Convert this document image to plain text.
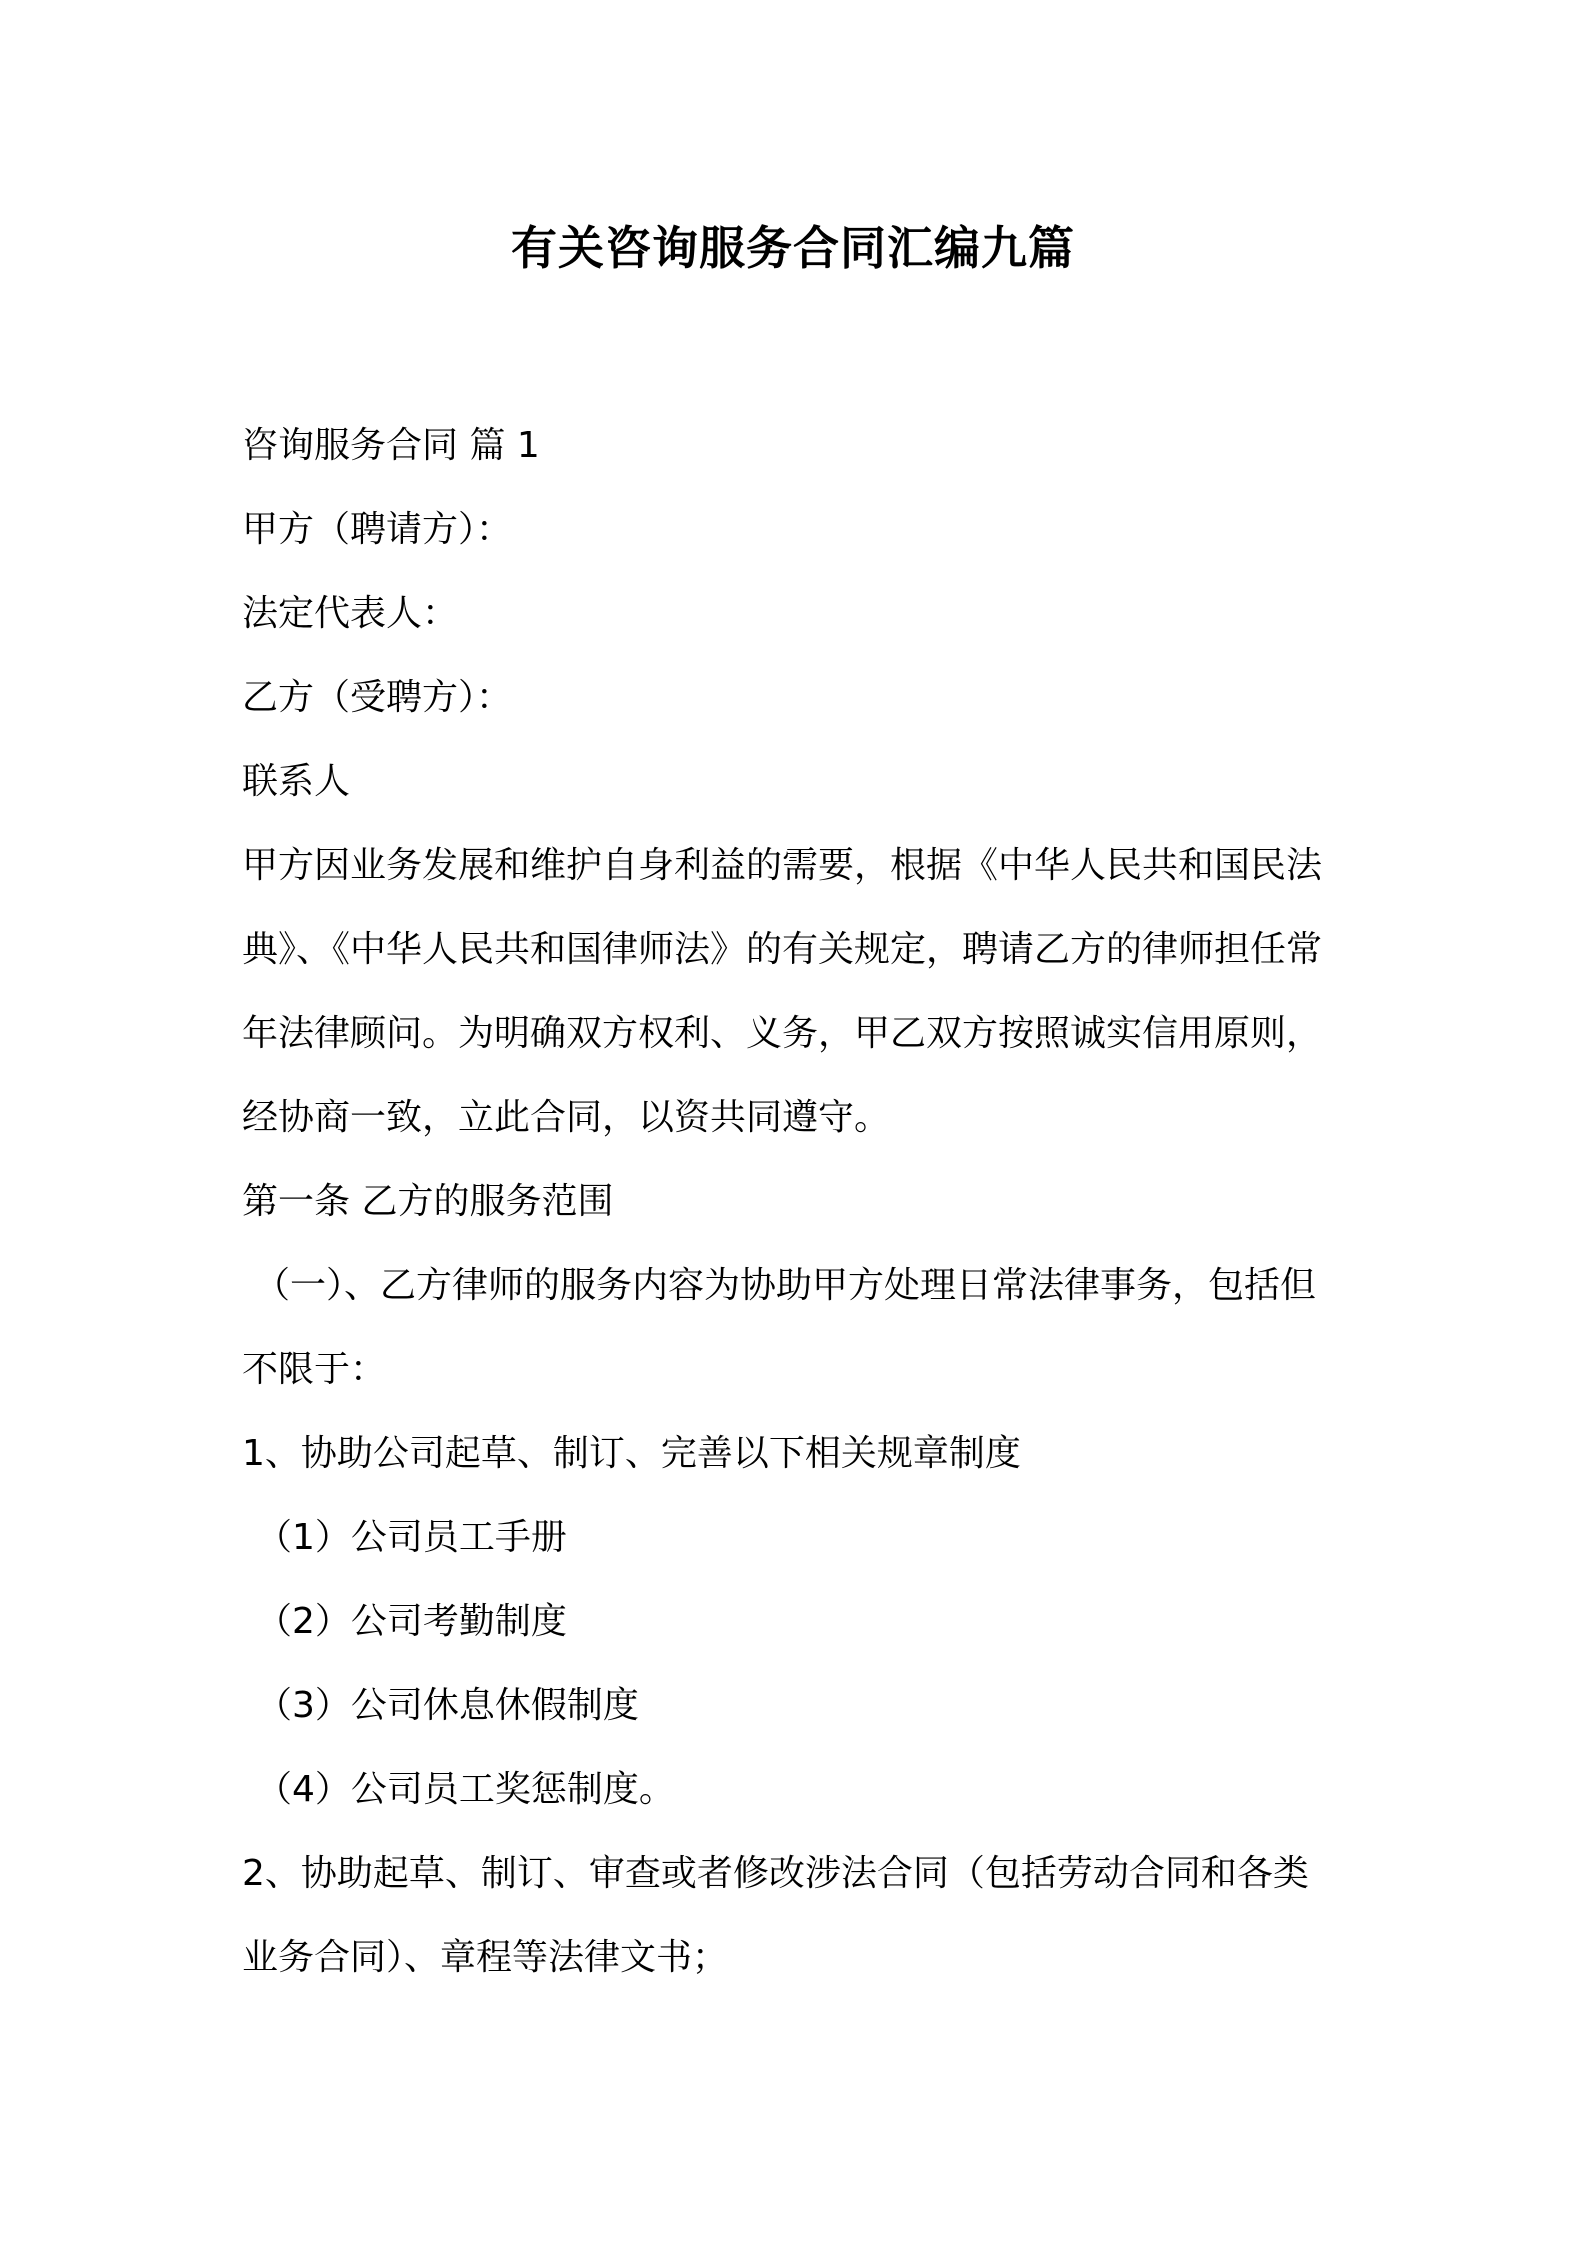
有关咨询服务合同汇编九篇
咨询服务合同 篇 1
甲方（聘请方）：
法定代表人：
乙方（受聘方）：
联系人
甲方因业务发展和维护自身利益的需要，根据《中华人民共和国民法
典》、《中华人民共和国律师法》的有关规定，聘请乙方的律师担任常
年法律顾问。为明确双方权利、义务，甲乙双方按照诚实信用原则，
经协商一致，立此合同，以资共同遵守。
第一条 乙方的服务范围
（一）、乙方律师的服务内容为协助甲方处理日常法律事务，包括但
不限于：
1、协助公司起草、制订、完善以下相关规章制度
（1）公司员工手册
（2）公司考勤制度
（3）公司休息休假制度
（4）公司员工奖惩制度。
2、协助起草、制订、审查或者修改涉法合同（包括劳动合同和各类
业务合同）、章程等法律文书；
